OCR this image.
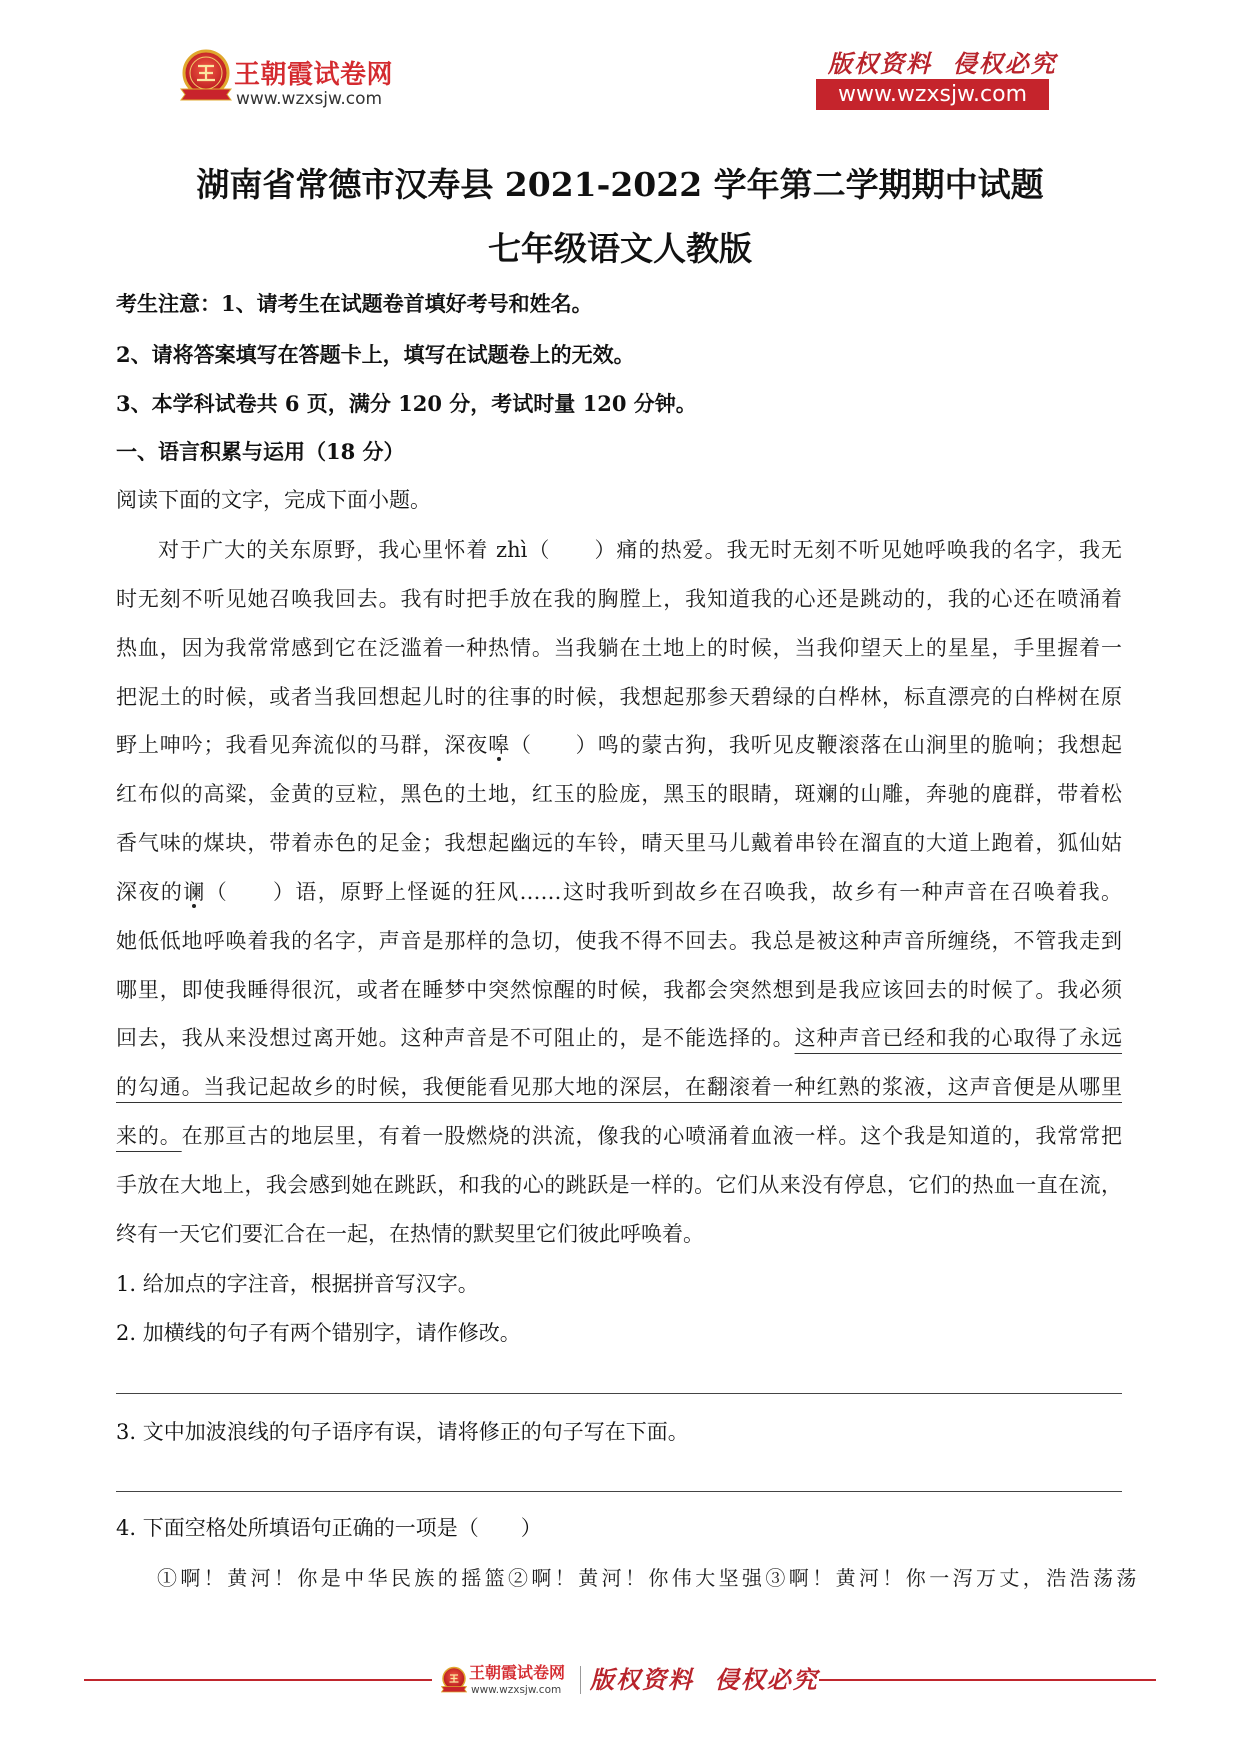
王朝霞试卷网
www.wzxsjw.com
版权资料  侵权必究
www.wzxsjw.com
湖南省常德市汉寿县 2021-2022 学年第二学期期中试题
七年级语文人教版
考生注意：1、请考生在试题卷首填好考号和姓名。
2、请将答案填写在答题卡上，填写在试题卷上的无效。
3、本学科试卷共 6 页，满分 120 分，考试时量 120 分钟。
一、语言积累与运用（18 分）
阅读下面的文字，完成下面小题。
对于广大的关东原野，我心里怀着 zhì（　　）痛的热爱。我无时无刻不听见她呼唤我的名字，我无
时无刻不听见她召唤我回去。我有时把手放在我的胸膛上，我知道我的心还是跳动的，我的心还在喷涌着
热血，因为我常常感到它在泛滥着一种热情。当我躺在土地上的时候，当我仰望天上的星星，手里握着一
把泥土的时候，或者当我回想起儿时的往事的时候，我想起那参天碧绿的白桦林，标直漂亮的白桦树在原
野上呻吟；我看见奔流似的马群，深夜嗥（　　）鸣的蒙古狗，我听见皮鞭滚落在山涧里的脆响；我想起
红布似的高粱，金黄的豆粒，黑色的土地，红玉的脸庞，黑玉的眼睛，斑斓的山雕，奔驰的鹿群，带着松
香气味的煤块，带着赤色的足金；我想起幽远的车铃，晴天里马儿戴着串铃在溜直的大道上跑着，狐仙姑
深夜的谰（　　）语，原野上怪诞的狂风……这时我听到故乡在召唤我，故乡有一种声音在召唤着我。
她低低地呼唤着我的名字，声音是那样的急切，使我不得不回去。我总是被这种声音所缠绕，不管我走到
哪里，即使我睡得很沉，或者在睡梦中突然惊醒的时候，我都会突然想到是我应该回去的时候了。我必须
回去，我从来没想过离开她。这种声音是不可阻止的，是不能选择的。这种声音已经和我的心取得了永远
的勾通。当我记起故乡的时候，我便能看见那大地的深层，在翻滚着一种红熟的浆液，这声音便是从哪里
来的。在那亘古的地层里，有着一股燃烧的洪流，像我的心喷涌着血液一样。这个我是知道的，我常常把
手放在大地上，我会感到她在跳跃，和我的心的跳跃是一样的。它们从来没有停息，它们的热血一直在流，
终有一天它们要汇合在一起，在热情的默契里它们彼此呼唤着。
1. 给加点的字注音，根据拼音写汉字。
2. 加横线的句子有两个错别字，请作修改。
3. 文中加波浪线的句子语序有误，请将修正的句子写在下面。
4. 下面空格处所填语句正确的一项是（　　）
①啊！黄河！你是中华民族的摇篮 ②啊！黄河！你伟大坚强 ③啊！黄河！你一泻万丈，浩浩荡荡
王朝霞试卷网
www.wzxsjw.com 版权资料  侵权必究
